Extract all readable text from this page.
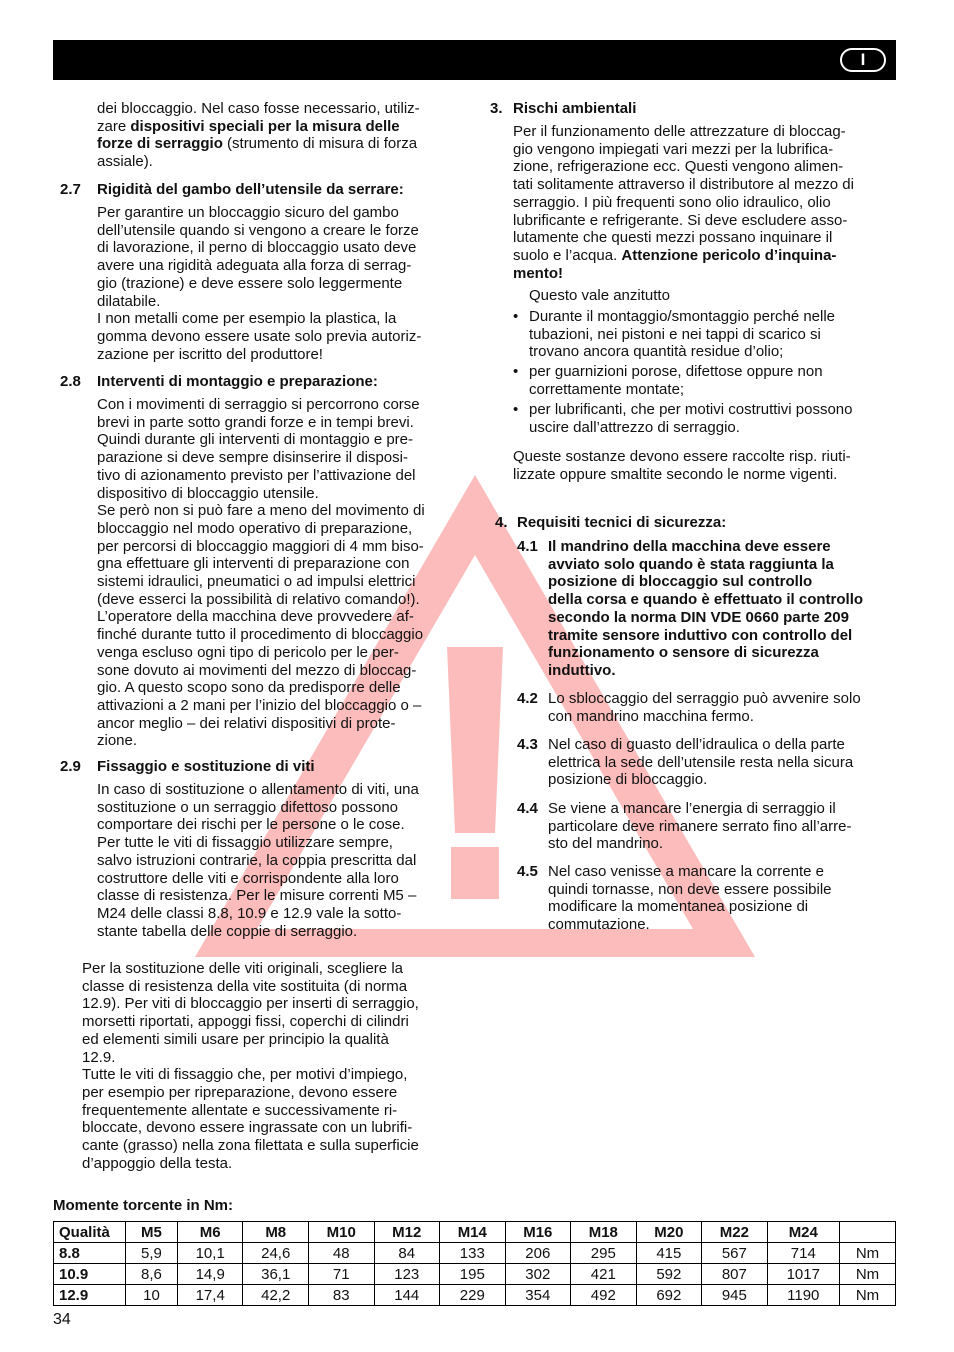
I
dei bloccaggio. Nel caso fosse necessario, utiliz-
zare dispositivi speciali per la misura delle
forze di serraggio (strumento di misura di forza
assiale).
2.7 Rigidità del gambo dell’utensile da serrare:
Per garantire un bloccaggio sicuro del gambo
dell’utensile quando si vengono a creare le forze
di lavorazione, il perno di bloccaggio usato deve
avere una rigidità adeguata alla forza di serrag-
gio (trazione) e deve essere solo leggermente
dilatabile.
I non metalli come per esempio la plastica, la
gomma devono essere usate solo previa autoriz-
zazione per iscritto del produttore!
2.8 Interventi di montaggio e preparazione:
Con i movimenti di serraggio si percorrono corse
brevi in parte sotto grandi forze e in tempi brevi.
Quindi durante gli interventi di montaggio e pre-
parazione si deve sempre disinserire il disposi-
tivo di azionamento previsto per l’attivazione del
dispositivo di bloccaggio utensile.
Se però non si può fare a meno del movimento di
bloccaggio nel modo operativo di preparazione,
per percorsi di bloccaggio maggiori di 4 mm biso-
gna effettuare gli interventi di preparazione con
sistemi idraulici, pneumatici o ad impulsi elettrici
(deve esserci la possibilità di relativo comando!).
L’operatore della macchina deve provvedere af-
finché durante tutto il procedimento di bloccaggio
venga escluso ogni tipo di pericolo per le per-
sone dovuto ai movimenti del mezzo di bloccag-
gio. A questo scopo sono da predisporre delle
attivazioni a 2 mani per l’inizio del bloccaggio o –
ancor meglio – dei relativi dispositivi di prote-
zione.
2.9 Fissaggio e sostituzione di viti
In caso di sostituzione o allentamento di viti, una
sostituzione o un serraggio difettoso possono
comportare dei rischi per le persone o le cose.
Per tutte le viti di fissaggio utilizzare sempre,
salvo istruzioni contrarie, la coppia prescritta dal
costruttore delle viti e corrispondente alla loro
classe di resistenza. Per le misure correnti M5 –
M24 delle classi 8.8, 10.9 e 12.9 vale la sotto-
stante tabella delle coppie di serraggio.
Per la sostituzione delle viti originali, scegliere la
classe di resistenza della vite sostituita (di norma
12.9). Per viti di bloccaggio per inserti di serraggio,
morsetti riportati, appoggi fissi, coperchi di cilindri
ed elementi simili usare per principio la qualità
12.9.
Tutte le viti di fissaggio che, per motivi d’impiego,
per esempio per ripreparazione, devono essere
frequentemente allentate e successivamente ri-
bloccate, devono essere ingrassate con un lubrifi-
cante (grasso) nella zona filettata e sulla superficie
d’appoggio della testa.
3. Rischi ambientali
Per il funzionamento delle attrezzature di bloccag-
gio vengono impiegati vari mezzi per la lubrifica-
zione, refrigerazione ecc. Questi vengono alimen-
tati solitamente attraverso il distributore al mezzo di
serraggio. I più frequenti sono olio idraulico, olio
lubrificante e refrigerante. Si deve escludere asso-
lutamente che questi mezzi possano inquinare il
suolo e l’acqua. Attenzione pericolo d’inquina-
mento!
Questo vale anzitutto
• Durante il montaggio/smontaggio perché nelle
tubazioni, nei pistoni e nei tappi di scarico si
trovano ancora quantità residue d’olio;
• per guarnizioni porose, difettose oppure non
correttamente montate;
• per lubrificanti, che per motivi costruttivi possono
uscire dall’attrezzo di serraggio.
Queste sostanze devono essere raccolte risp. riuti-
lizzate oppure smaltite secondo le norme vigenti.
4. Requisiti tecnici di sicurezza:
4.1 Il mandrino della macchina deve essere
avviato solo quando è stata raggiunta la
posizione di bloccaggio sul controllo
della corsa e quando è effettuato il controllo
secondo la norma DIN VDE 0660 parte 209
tramite sensore induttivo con controllo del
funzionamento o sensore di sicurezza
induttivo.
4.2 Lo sbloccaggio del serraggio può avvenire solo
con mandrino macchina fermo.
4.3 Nel caso di guasto dell’idraulica o della parte
elettrica la sede dell’utensile resta nella sicura
posizione di bloccaggio.
4.4 Se viene a mancare l’energia di serraggio il
particolare deve rimanere serrato fino all’arre-
sto del mandrino.
4.5 Nel caso venisse a mancare la corrente e
quindi tornasse, non deve essere possibile
modificare la momentanea posizione di
commutazione.
Momente torcente in Nm:
Qualità	M5	M6	M8	M10	M12	M14	M16	M18	M20	M22	M24	
8.8	5,9	10,1	24,6	48	84	133	206	295	415	567	714	Nm
10.9	8,6	14,9	36,1	71	123	195	302	421	592	807	1017	Nm
12.9	10	17,4	42,2	83	144	229	354	492	692	945	1190	Nm
34
